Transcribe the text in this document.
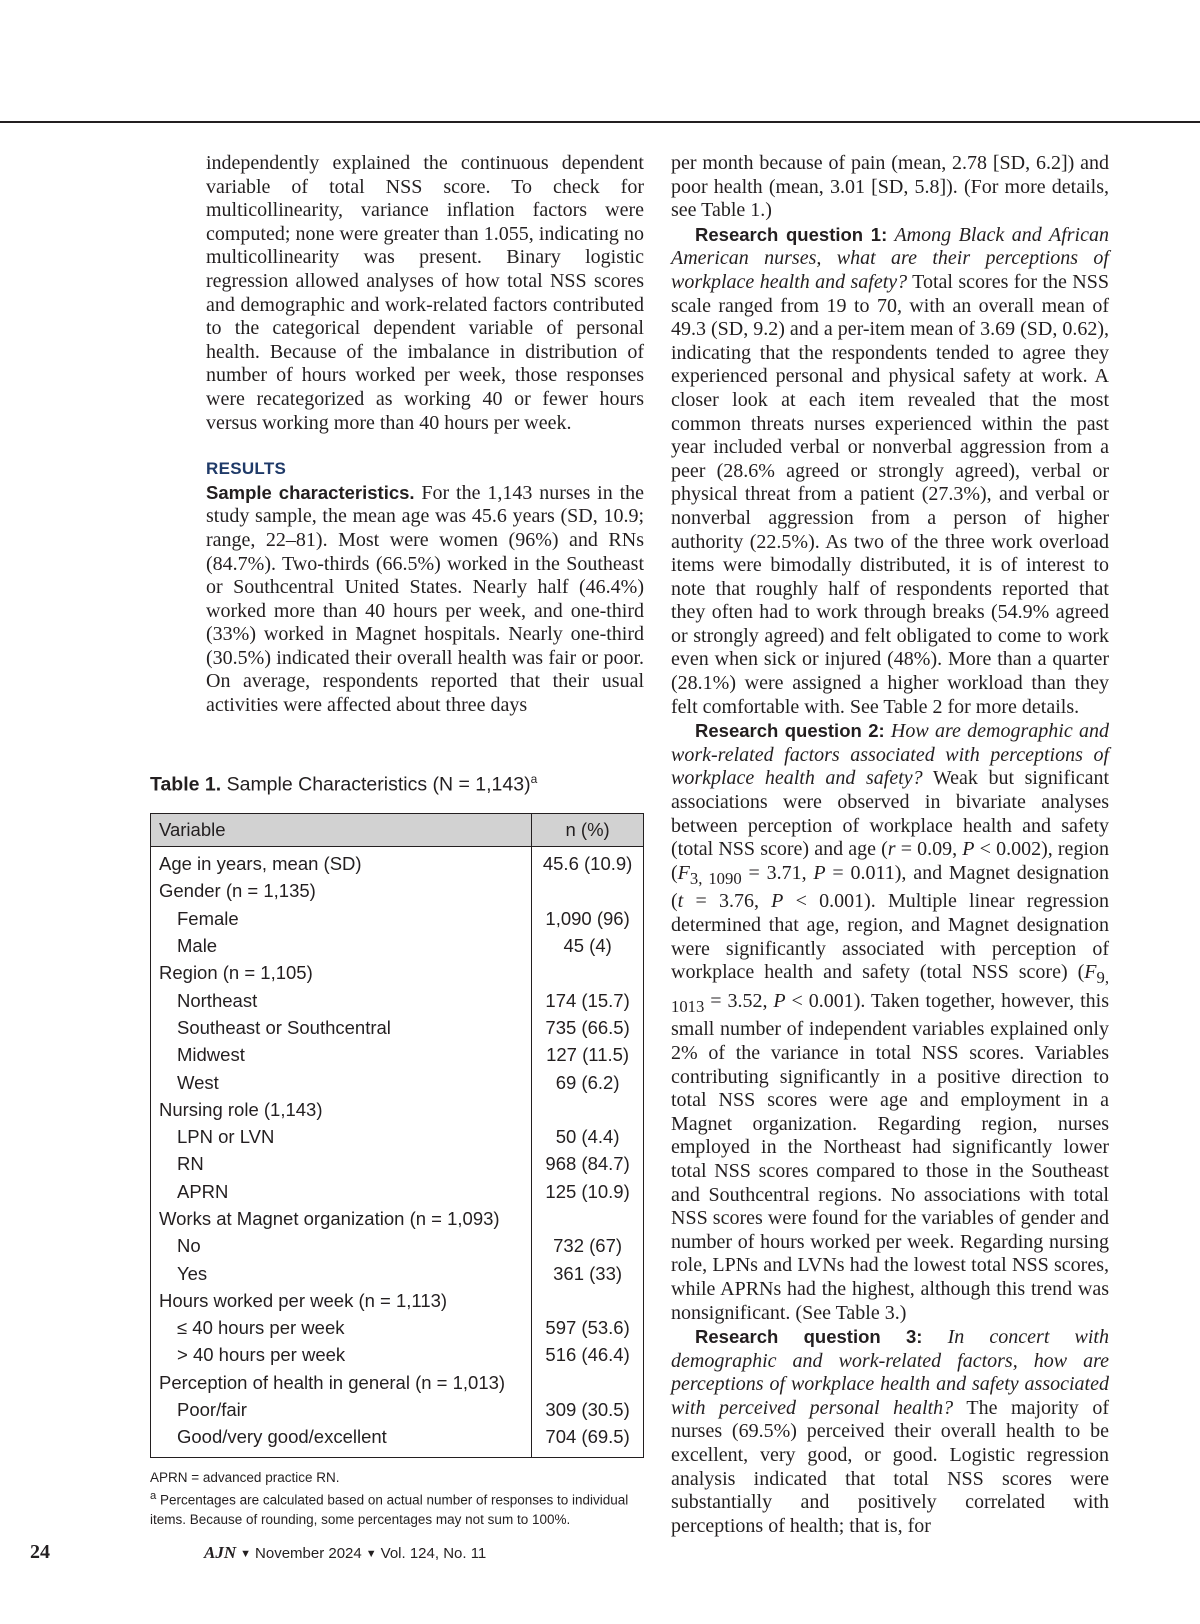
independently explained the continuous dependent variable of total NSS score. To check for multicollinearity, variance inflation factors were computed; none were greater than 1.055, indicating no multicollinearity was present. Binary logistic regression allowed analyses of how total NSS scores and demographic and work-related factors contributed to the categorical dependent variable of personal health. Because of the imbalance in distribution of number of hours worked per week, those responses were recategorized as working 40 or fewer hours versus working more than 40 hours per week.

RESULTS

Sample characteristics. For the 1,143 nurses in the study sample, the mean age was 45.6 years (SD, 10.9; range, 22–81). Most were women (96%) and RNs (84.7%). Two-thirds (66.5%) worked in the Southeast or Southcentral United States. Nearly half (46.4%) worked more than 40 hours per week, and one-third (33%) worked in Magnet hospitals. Nearly one-third (30.5%) indicated their overall health was fair or poor. On average, respondents reported that their usual activities were affected about three days

per month because of pain (mean, 2.78 [SD, 6.2]) and poor health (mean, 3.01 [SD, 5.8]). (For more details, see Table 1.)

Research question 1: Among Black and African American nurses, what are their perceptions of workplace health and safety? Total scores for the NSS scale ranged from 19 to 70, with an overall mean of 49.3 (SD, 9.2) and a per-item mean of 3.69 (SD, 0.62), indicating that the respondents tended to agree they experienced personal and physical safety at work. A closer look at each item revealed that the most common threats nurses experienced within the past year included verbal or nonverbal aggression from a peer (28.6% agreed or strongly agreed), verbal or physical threat from a patient (27.3%), and verbal or nonverbal aggression from a person of higher authority (22.5%). As two of the three work overload items were bimodally distributed, it is of interest to note that roughly half of respondents reported that they often had to work through breaks (54.9% agreed or strongly agreed) and felt obligated to come to work even when sick or injured (48%). More than a quarter (28.1%) were assigned a higher workload than they felt comfortable with. See Table 2 for more details.

Research question 2: How are demographic and work-related factors associated with perceptions of workplace health and safety? Weak but significant associations were observed in bivariate analyses between perception of workplace health and safety (total NSS score) and age (r = 0.09, P < 0.002), region ($F_{3, 1090} = 3.71$, P = 0.011), and Magnet designation (t = 3.76, P < 0.001). Multiple linear regression determined that age, region, and Magnet designation were significantly associated with perception of workplace health and safety (total NSS score) ($F_{9, 1013} = 3.52$, P < 0.001). Taken together, however, this small number of independent variables explained only 2% of the variance in total NSS scores. Variables contributing significantly in a positive direction to total NSS scores were age and employment in a Magnet organization. Regarding region, nurses employed in the Northeast had significantly lower total NSS scores compared to those in the Southeast and Southcentral regions. No associations with total NSS scores were found for the variables of gender and number of hours worked per week. Regarding nursing role, LPNs and LVNs had the lowest total NSS scores, while APRNs had the highest, although this trend was nonsignificant. (See Table 3.)

Research question 3: In concert with demographic and work-related factors, how are perceptions of workplace health and safety associated with perceived personal health? The majority of nurses (69.5%) perceived their overall health to be excellent, very good, or good. Logistic regression analysis indicated that total NSS scores were substantially and positively correlated with perceptions of health; that is, for

Table 1. Sample Characteristics (N = 1,143)$^a$
Variable	n (%)
Age in years, mean (SD)	45.6 (10.9)
Gender (n = 1,135)	
Female	1,090 (96)
Male	45 (4)
Region (n = 1,105)	
Northeast	174 (15.7)
Southeast or Southcentral	735 (66.5)
Midwest	127 (11.5)
West	69 (6.2)
Nursing role (1,143)	
LPN or LVN	50 (4.4)
RN	968 (84.7)
APRN	125 (10.9)
Works at Magnet organization (n = 1,093)	
No	732 (67)
Yes	361 (33)
Hours worked per week (n = 1,113)	
≤ 40 hours per week	597 (53.6)
> 40 hours per week	516 (46.4)
Perception of health in general (n = 1,013)	
Poor/fair	309 (30.5)
Good/very good/excellent	704 (69.5)

APRN = advanced practice RN.

$^a$ Percentages are calculated based on actual number of responses to individual items. Because of rounding, some percentages may not sum to 100%.

24	AJN ▼ November 2024 ▼ Vol. 124, No. 11
